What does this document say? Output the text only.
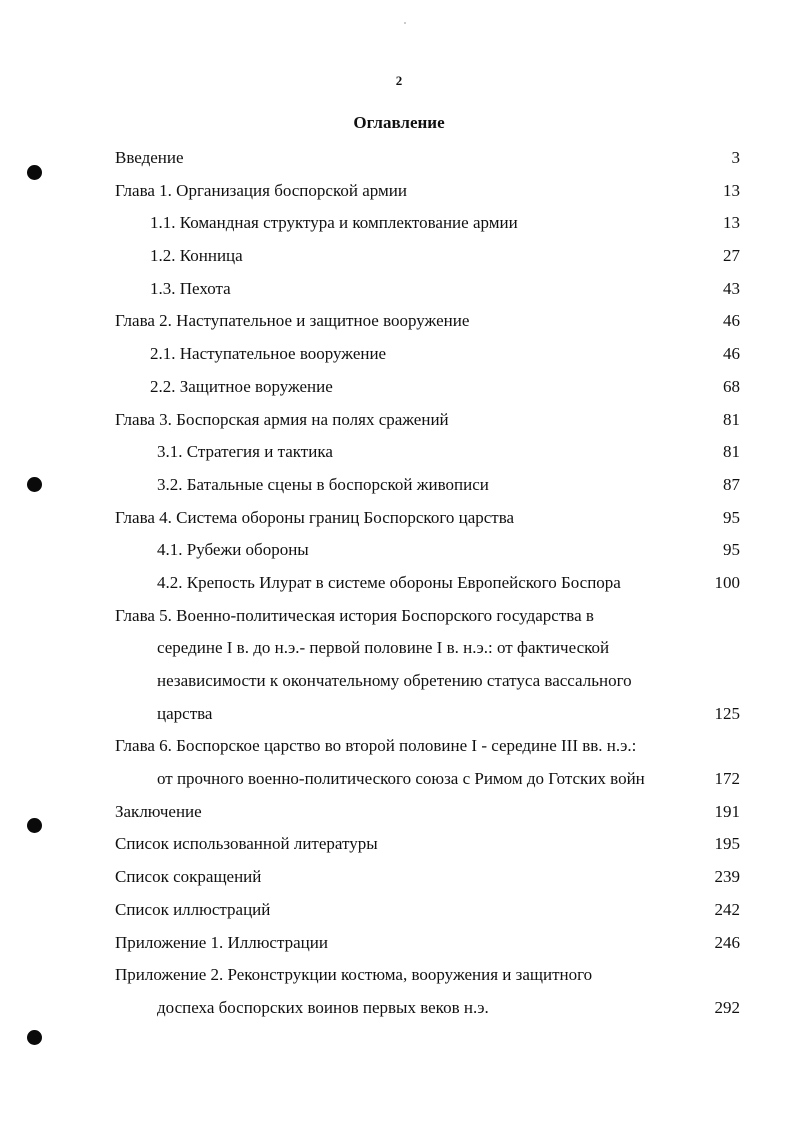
2
Оглавление
Введение	3
Глава 1. Организация боспорской армии	13
1.1. Командная структура и комплектование армии	13
1.2. Конница	27
1.3. Пехота	43
Глава 2. Наступательное и защитное вооружение	46
2.1. Наступательное вооружение	46
2.2. Защитное воружение	68
Глава 3. Боспорская армия на полях сражений	81
3.1. Стратегия и тактика	81
3.2. Батальные сцены в боспорской живописи	87
Глава 4. Система обороны границ Боспорского царства	95
4.1. Рубежи обороны	95
4.2. Крепость Илурат в системе обороны Европейского Боспора	100
Глава 5. Военно-политическая история Боспорского государства в
середине I в. до н.э.- первой половине I в. н.э.: от фактической
независимости к окончательному обретению статуса вассального
царства	125
Глава 6. Боспорское царство во второй половине I - середине III вв. н.э.:
от прочного военно-политического союза с Римом до Готских войн	172
Заключение	191
Список использованной литературы	195
Список сокращений	239
Список иллюстраций	242
Приложение 1. Иллюстрации	246
Приложение 2. Реконструкции костюма, вооружения и защитного
доспеха боспорских воинов первых веков н.э.	292
